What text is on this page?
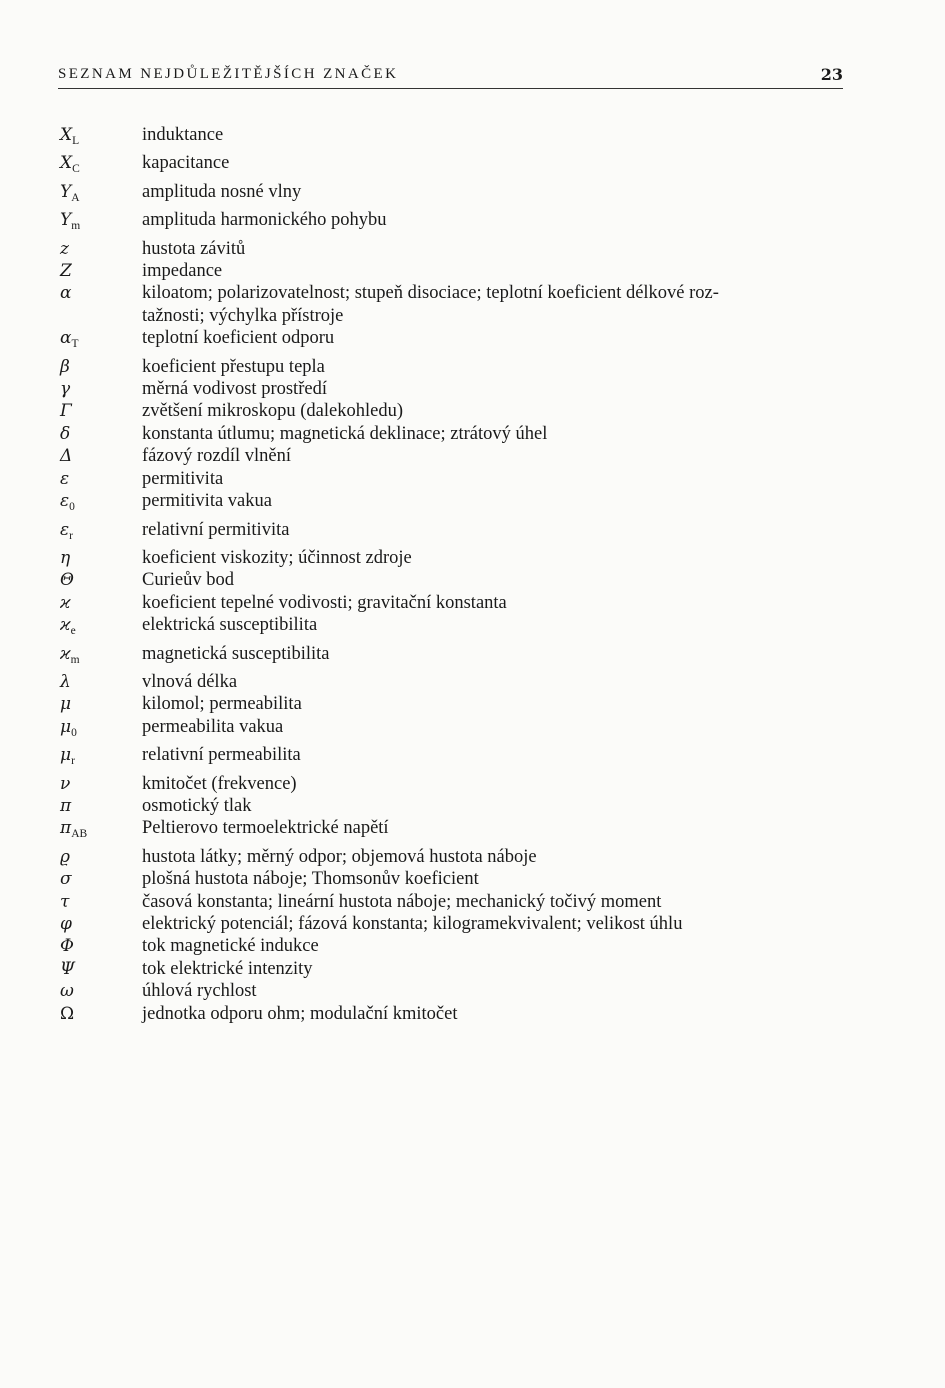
SEZNAM NEJDŮLEŽITĚJŠÍCH ZNAČEK	23
$X_L$	induktance
$X_C$	kapacitance
$Y_A$	amplituda nosné vlny
$Y_m$	amplituda harmonického pohybu
z	hustota závitů
Z	impedance
α	kiloatom; polarizovatelnost; stupeň disociace; teplotní koeficient délkové roz-
tažnosti; výchylka přístroje
$\alpha_T$	teplotní koeficient odporu
β	koeficient přestupu tepla
γ	měrná vodivost prostředí
Γ	zvětšení mikroskopu (dalekohledu)
δ	konstanta útlumu; magnetická deklinace; ztrátový úhel
Δ	fázový rozdíl vlnění
ε	permitivita
$\varepsilon_0$	permitivita vakua
$\varepsilon_r$	relativní permitivita
η	koeficient viskozity; účinnost zdroje
Θ	Curieův bod
ϰ	koeficient tepelné vodivosti; gravitační konstanta
$ϰ_e$	elektrická susceptibilita
$ϰ_m$	magnetická susceptibilita
λ	vlnová délka
μ	kilomol; permeabilita
$\mu_0$	permeabilita vakua
$\mu_r$	relativní permeabilita
ν	kmitočet (frekvence)
π	osmotický tlak
$\pi_{AB}$	Peltierovo termoelektrické napětí
ϱ	hustota látky; měrný odpor; objemová hustota náboje
σ	plošná hustota náboje; Thomsonův koeficient
τ	časová konstanta; lineární hustota náboje; mechanický točivý moment
φ	elektrický potenciál; fázová konstanta; kilogramekvivalent; velikost úhlu
Φ	tok magnetické indukce
Ψ	tok elektrické intenzity
ω	úhlová rychlost
Ω	jednotka odporu ohm; modulační kmitočet
